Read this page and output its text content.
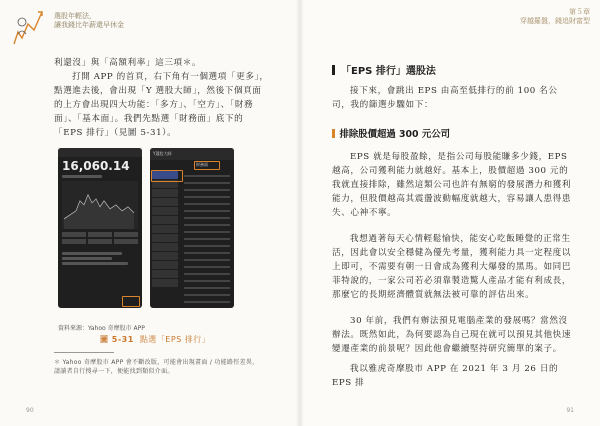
選股年輕法，
讓我錢比年薪還早休金

利還沒」與「高額利率」這三項＊。

打開 APP 的首頁，右下角有一個選項「更多」，點選進去後，會出現「Y 選股大師」，然後下個頁面的上方會出現四大功能：「多方」、「空方」、「財務面」、「基本面」。我們先點選「財務面」底下的「EPS 排行」（見圖 5-31）。

16,060.14
Y選股大師
財務面
資料來源：Yahoo 奇摩股市 APP
圖 5-31 點選「EPS 排行」
＊ Yahoo 奇摩股市 APP 會不斷改版，可能會出現畫面 / 功能路徑差異，請讀者自行搜尋一下，便能找到類似介面。
90
第５章
穿越羅盤，錢追財富型
「EPS 排行」選股法

接下來，會跳出 EPS 由高至低排行的前 100 名公司，我的篩選步驟如下：

排除股價超過 300 元公司

EPS 就是每股盈餘，是指公司每股能賺多少錢，EPS 越高，公司獲利能力就越好。基本上，股價超過 300 元的我就直接排除，雖然這類公司也許有無窮的發展潛力和獲利能力，但股價越高其震盪波動幅度就越大，容易讓人患得患失、心神不寧。

我想過著每天心情輕鬆愉快，能安心吃飯睡覺的正常生活，因此會以安全穩健為優先考量，獲利能力具一定程度以上即可，不需要有朝一日會成為獲利大爆發的黑馬。如同巴菲特說的，一家公司若必須靠製造驚人產品才能有利成長，那麼它的長期經濟體質就無法被可靠的評估出來。

30 年前，我們有辦法預見電腦產業的發展嗎？當然沒辦法。既然如此，為何要認為自己現在就可以預見其他快速變遷產業的前景呢？因此他會繼續堅持研究簡單的案子。

我以雅虎奇摩股市 APP 在 2021 年 3 月 26 日的 EPS 排

91
